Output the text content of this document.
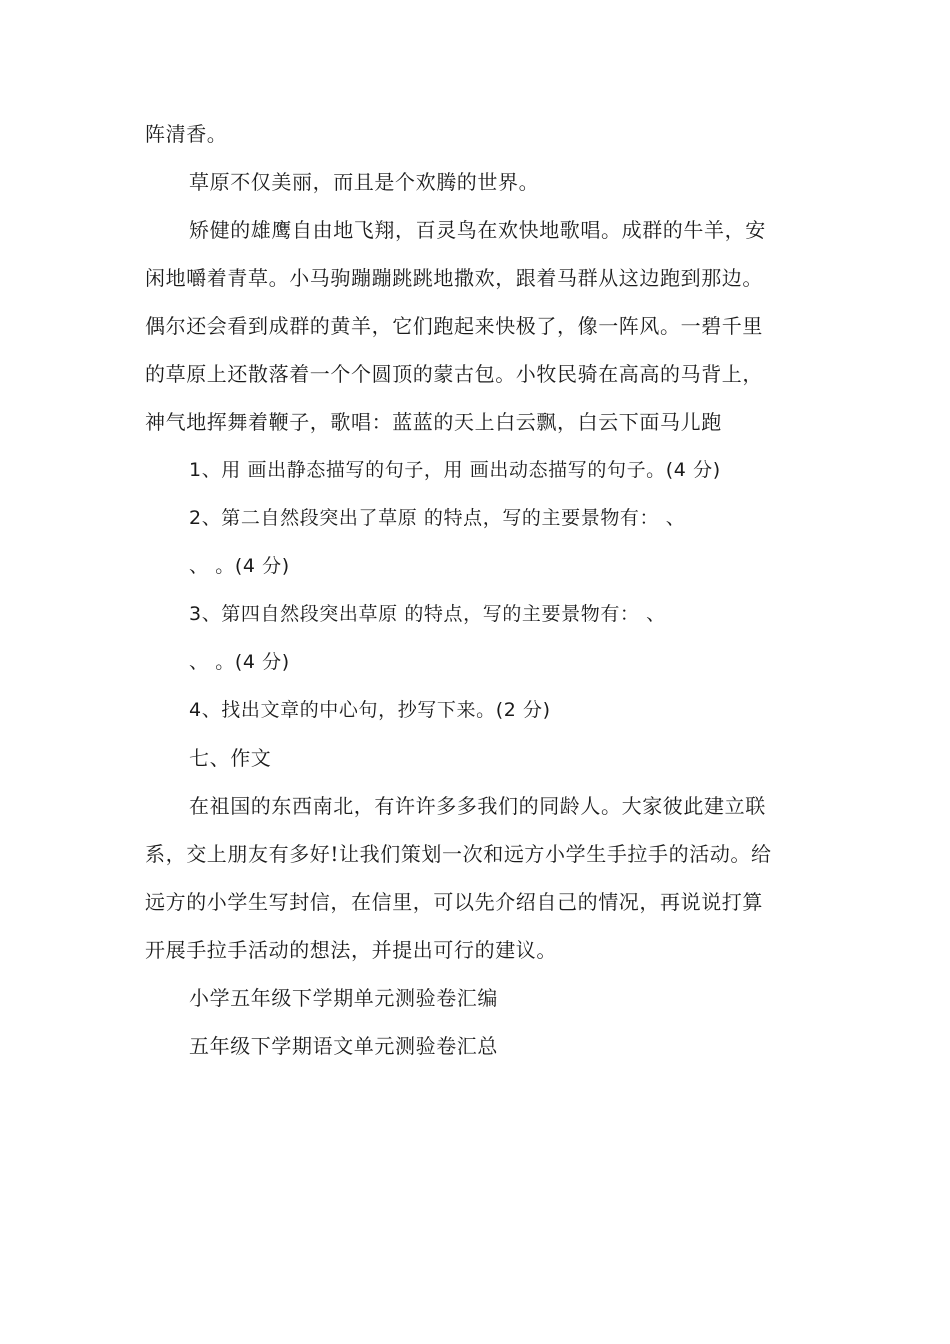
阵清香。
草原不仅美丽，而且是个欢腾的世界。
矫健的雄鹰自由地飞翔，百灵鸟在欢快地歌唱。成群的牛羊，安
闲地嚼着青草。小马驹蹦蹦跳跳地撒欢，跟着马群从这边跑到那边。
偶尔还会看到成群的黄羊，它们跑起来快极了，像一阵风。一碧千里
的草原上还散落着一个个圆顶的蒙古包。小牧民骑在高高的马背上，
神气地挥舞着鞭子，歌唱：蓝蓝的天上白云飘，白云下面马儿跑
1、用 画出静态描写的句子，用 画出动态描写的句子。(4 分)
2、第二自然段突出了草原 的特点，写的主要景物有： 、
、 。(4 分)
3、第四自然段突出草原 的特点，写的主要景物有： 、
、 。(4 分)
4、找出文章的中心句，抄写下来。(2 分)
七、作文
在祖国的东西南北，有许许多多我们的同龄人。大家彼此建立联
系，交上朋友有多好!让我们策划一次和远方小学生手拉手的活动。给
远方的小学生写封信，在信里，可以先介绍自己的情况，再说说打算
开展手拉手活动的想法，并提出可行的建议。
小学五年级下学期单元测验卷汇编
五年级下学期语文单元测验卷汇总
